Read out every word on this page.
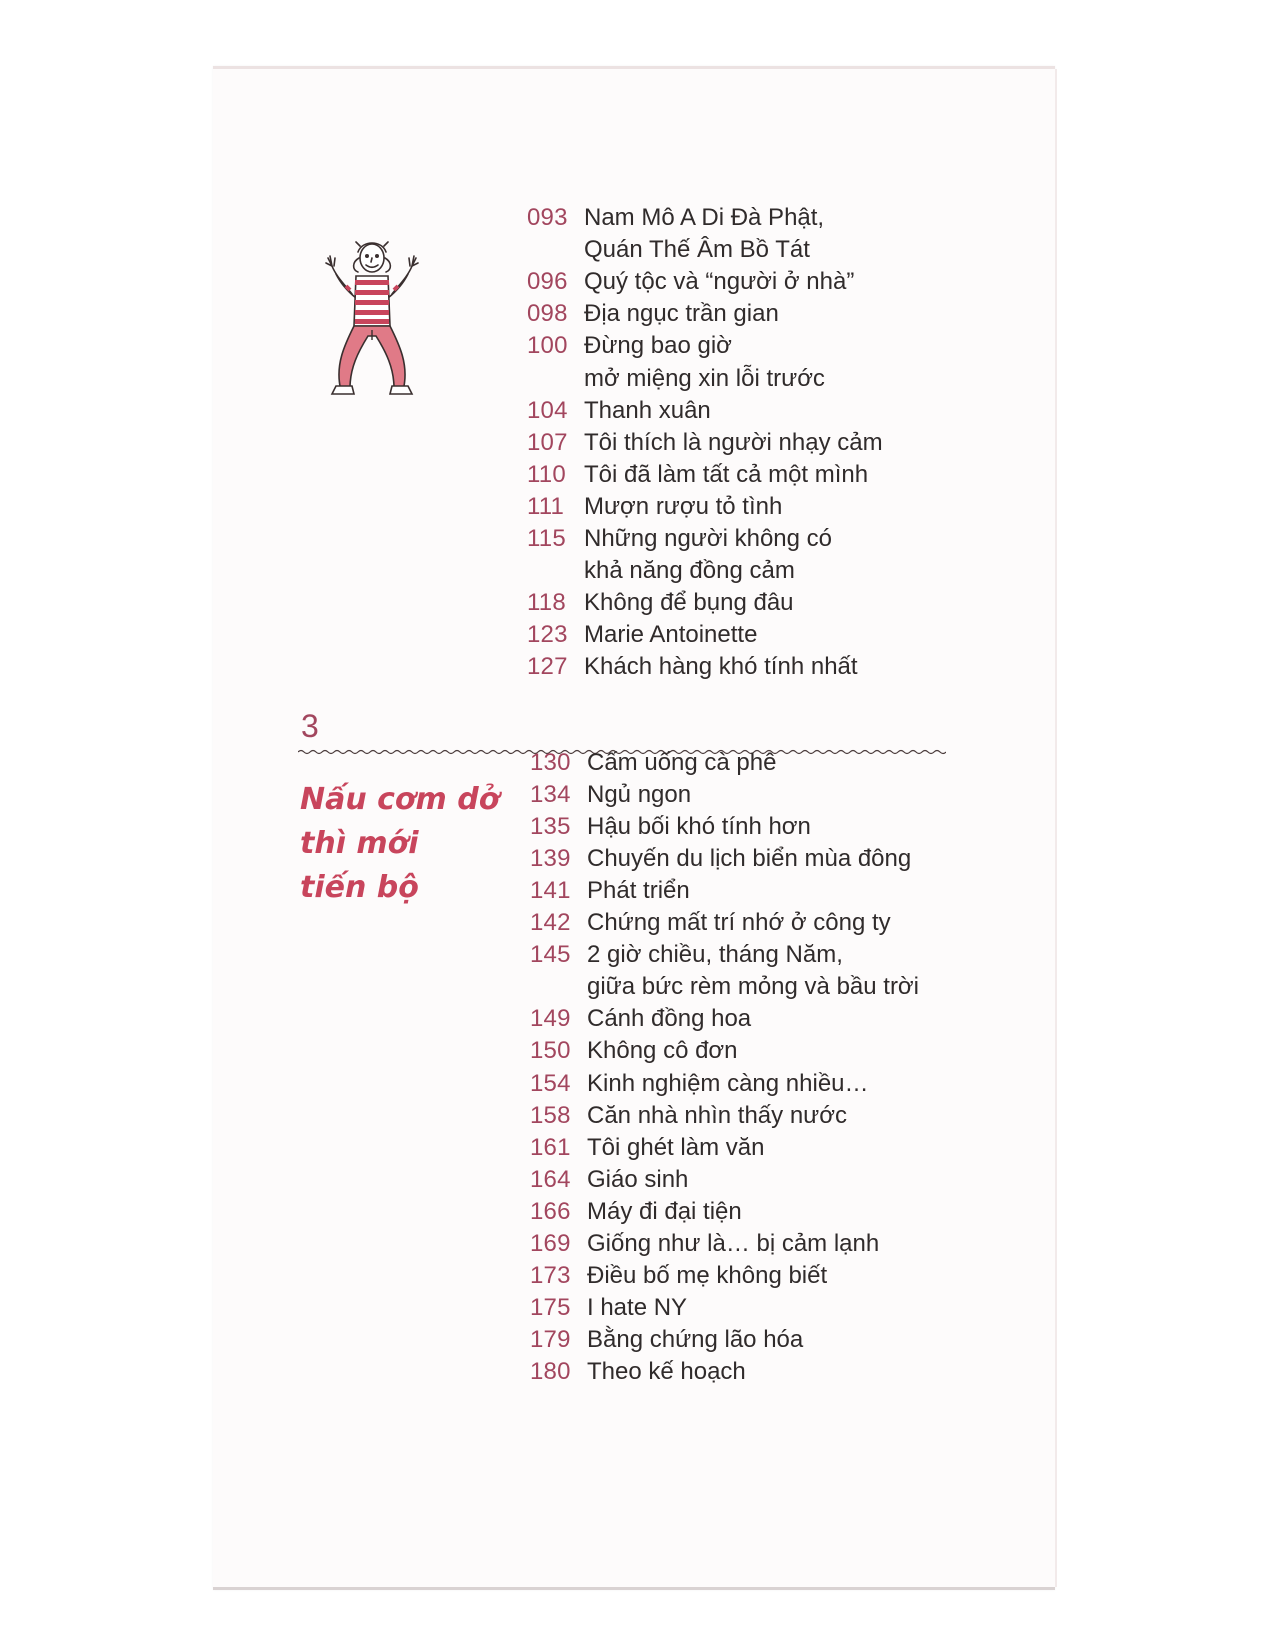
3
Nấu cơm dở
thì mới
tiến bộ
093 Nam Mô A Di Đà Phật,
Quán Thế Âm Bồ Tát
096 Quý tộc và “người ở nhà”
098 Địa ngục trần gian
100 Đừng bao giờ
mở miệng xin lỗi trước
104 Thanh xuân
107 Tôi thích là người nhạy cảm
110 Tôi đã làm tất cả một mình
111 Mượn rượu tỏ tình
115 Những người không có
khả năng đồng cảm
118 Không để bụng đâu
123 Marie Antoinette
127 Khách hàng khó tính nhất
130 Cấm uống cà phê
134 Ngủ ngon
135 Hậu bối khó tính hơn
139 Chuyến du lịch biển mùa đông
141 Phát triển
142 Chứng mất trí nhớ ở công ty
145 2 giờ chiều, tháng Năm,
giữa bức rèm mỏng và bầu trời
149 Cánh đồng hoa
150 Không cô đơn
154 Kinh nghiệm càng nhiều…
158 Căn nhà nhìn thấy nước
161 Tôi ghét làm văn
164 Giáo sinh
166 Máy đi đại tiện
169 Giống như là… bị cảm lạnh
173 Điều bố mẹ không biết
175 I hate NY
179 Bằng chứng lão hóa
180 Theo kế hoạch
